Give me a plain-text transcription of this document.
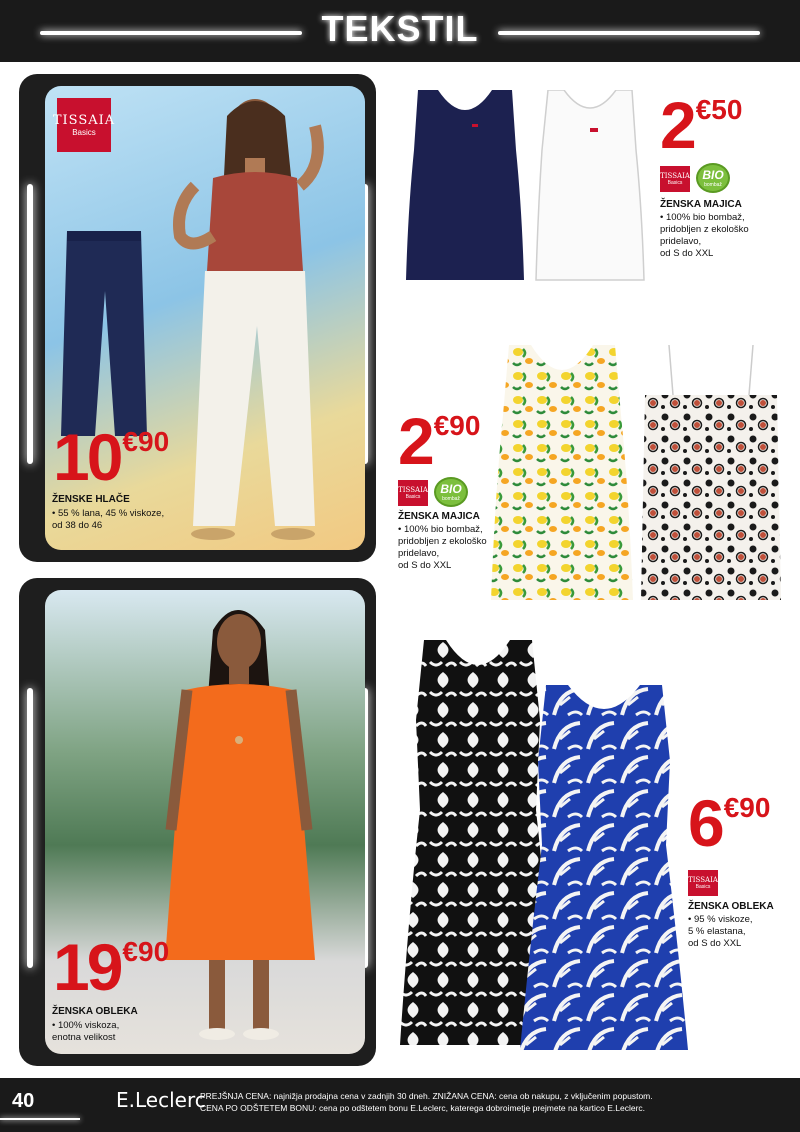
TEKSTIL
TISSAIA
Basics
10 €90
ŽENSKE HLAČE
• 55 % lana, 45 % viskoze,
od 38 do 46
19 €90
ŽENSKA OBLEKA
• 100% viskoza,
enotna velikost
2 €50
TISSAIA
Basics
BIO
bombaž
ŽENSKA MAJICA
• 100% bio bombaž,
pridobljen z ekološko
pridelavo,
od S do XXL
2 €90
TISSAIA
Basics
BIO
bombaž
ŽENSKA MAJICA
• 100% bio bombaž,
pridobljen z ekološko
pridelavo,
od S do XXL
6 €90
TISSAIA
Basics
ŽENSKA OBLEKA
• 95 % viskoze,
5 % elastana,
od S do XXL
40	E.Leclerc
PREJŠNJA CENA: najnižja prodajna cena v zadnjih 30 dneh. ZNIŽANA CENA: cena ob nakupu, z vključenim popustom.
CENA PO ODŠTETEM BONU: cena po odštetem bonu E.Leclerc, katerega dobroimetje prejmete na kartico E.Leclerc.
